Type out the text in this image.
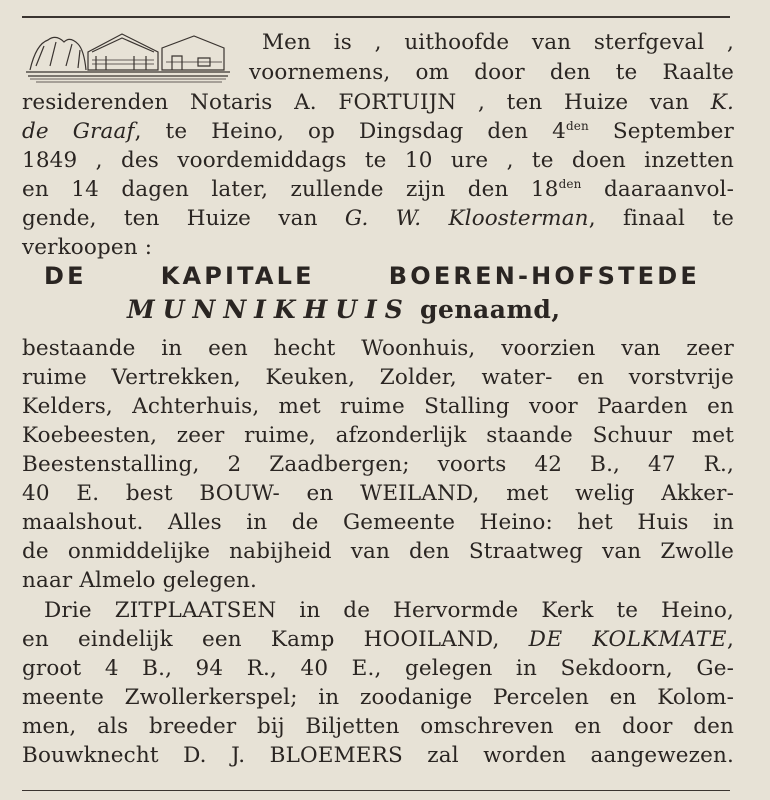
Men is , uithoofde van sterfgeval ,
voornemens, om door den te Raalte
residerenden Notaris A. FORTUIJN , ten Huize van K.
de Graaf, te Heino, op Dingsdag den $4^{den}$ September
1849 , des voordemiddags te 10 ure , te doen inzetten
en 14 dagen later, zullende zijn den $18^{den}$ daaraanvol-
gende, ten Huize van G. W. Kloosterman, finaal te
verkoopen :
DE KAPITALE BOEREN-HOFSTEDE
MUNNIKHUIS genaamd,
bestaande in een hecht Woonhuis, voorzien van zeer
ruime Vertrekken, Keuken, Zolder, water- en vorstvrije
Kelders, Achterhuis, met ruime Stalling voor Paarden en
Koebeesten, zeer ruime, afzonderlijk staande Schuur met
Beestenstalling, 2 Zaadbergen; voorts 42 B., 47 R.,
40 E. best BOUW- en WEILAND, met welig Akker-
maalshout. Alles in de Gemeente Heino: het Huis in
de onmiddelijke nabijheid van den Straatweg van Zwolle
naar Almelo gelegen.
Drie ZITPLAATSEN in de Hervormde Kerk te Heino,
en eindelijk een Kamp HOOILAND, DE KOLKMATE,
groot 4 B., 94 R., 40 E., gelegen in Sekdoorn, Ge-
meente Zwollerkerspel; in zoodanige Percelen en Kolom-
men, als breeder bij Biljetten omschreven en door den
Bouwknecht D. J. BLOEMERS zal worden aangewezen.
